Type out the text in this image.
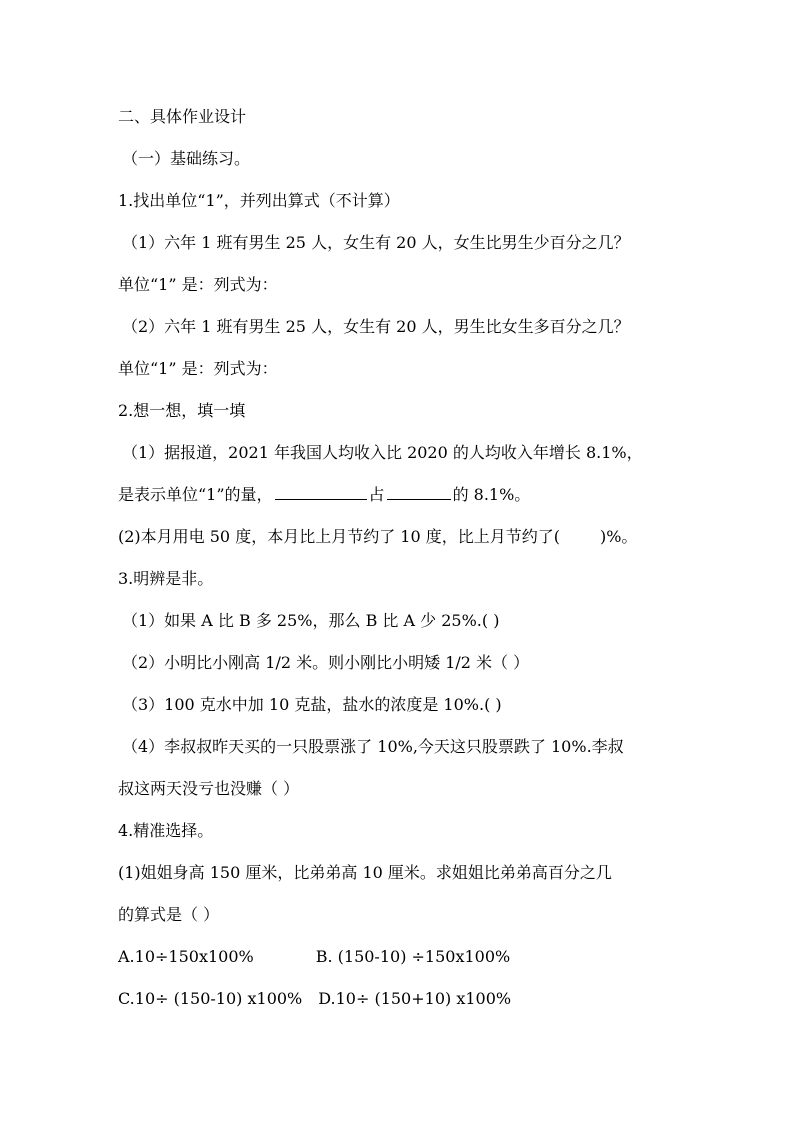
二、具体作业设计
（一）基础练习。
1.找出单位“1”，并列出算式（不计算）
（1）六年 1 班有男生 25 人，女生有 20 人，女生比男生少百分之几？
单位“1” 是：列式为：
（2）六年 1 班有男生 25 人，女生有 20 人，男生比女生多百分之几？
单位“1” 是：列式为：
2.想一想，填一填
（1）据报道，2021 年我国人均收入比 2020 的人均收入年增长 8.1%，
是表示单位“1”的量，	占	的 8.1%。
(2)本月用电 50 度，本月比上月节约了 10 度，比上月节约了(	)%。
3.明辨是非。
（1）如果 A 比 B 多 25%，那么 B 比 A 少 25%.( )
（2）小明比小刚高 1/2 米。则小刚比小明矮 1/2 米（ ）
（3）100 克水中加 10 克盐，盐水的浓度是 10%.( )
（4）李叔叔昨天买的一只股票涨了 10%,今天这只股票跌了 10%.李叔
叔这两天没亏也没赚（ ）
4.精准选择。
(1)姐姐身高 150 厘米，比弟弟高 10 厘米。求姐姐比弟弟高百分之几
的算式是（ ）
A.10÷150x100%	B. (150-10) ÷150x100%
C.10÷ (150-10) x100% D.10÷ (150+10) x100%
